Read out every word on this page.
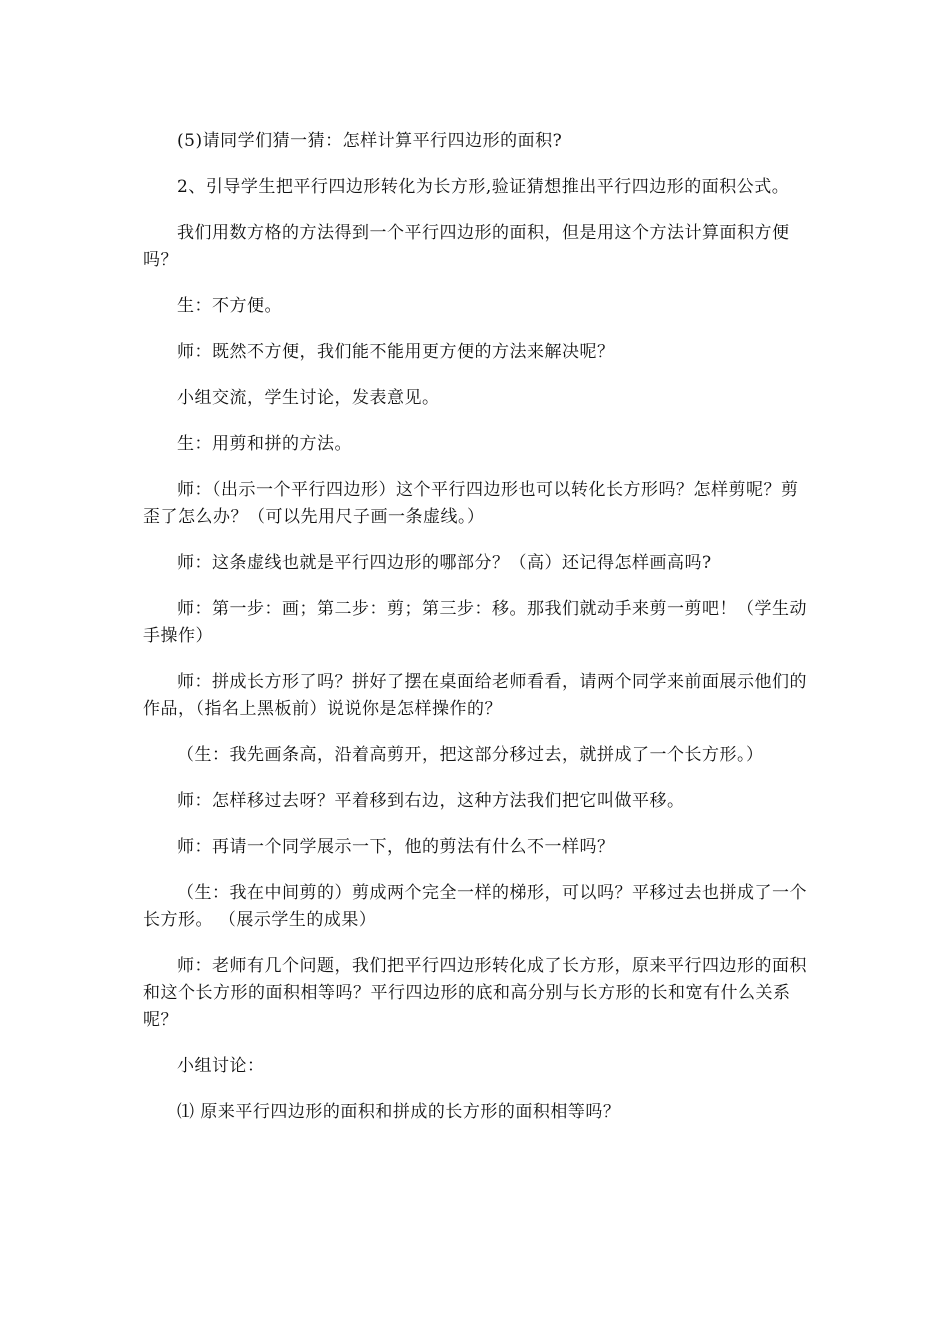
(5)请同学们猜一猜：怎样计算平行四边形的面积?

2、引导学生把平行四边形转化为长方形,验证猜想推出平行四边形的面积公式。

我们用数方格的方法得到一个平行四边形的面积，但是用这个方法计算面积方便吗？

生：不方便。

师：既然不方便，我们能不能用更方便的方法来解决呢？

小组交流，学生讨论，发表意见。

生：用剪和拼的方法。

师：（出示一个平行四边形）这个平行四边形也可以转化长方形吗？怎样剪呢？剪歪了怎么办？（可以先用尺子画一条虚线。）

师：这条虚线也就是平行四边形的哪部分？（高）还记得怎样画高吗?

师：第一步：画；第二步：剪；第三步：移。那我们就动手来剪一剪吧！（学生动手操作）

师：拼成长方形了吗？拼好了摆在桌面给老师看看，请两个同学来前面展示他们的作品，（指名上黑板前）说说你是怎样操作的？

（生：我先画条高，沿着高剪开，把这部分移过去，就拼成了一个长方形。）

师：怎样移过去呀？平着移到右边，这种方法我们把它叫做平移。

师：再请一个同学展示一下，他的剪法有什么不一样吗？

（生：我在中间剪的）剪成两个完全一样的梯形，可以吗？平移过去也拼成了一个长方形。 （展示学生的成果）

师：老师有几个问题，我们把平行四边形转化成了长方形，原来平行四边形的面积和这个长方形的面积相等吗？平行四边形的底和高分别与长方形的长和宽有什么关系呢？

小组讨论：

⑴ 原来平行四边形的面积和拼成的长方形的面积相等吗？
